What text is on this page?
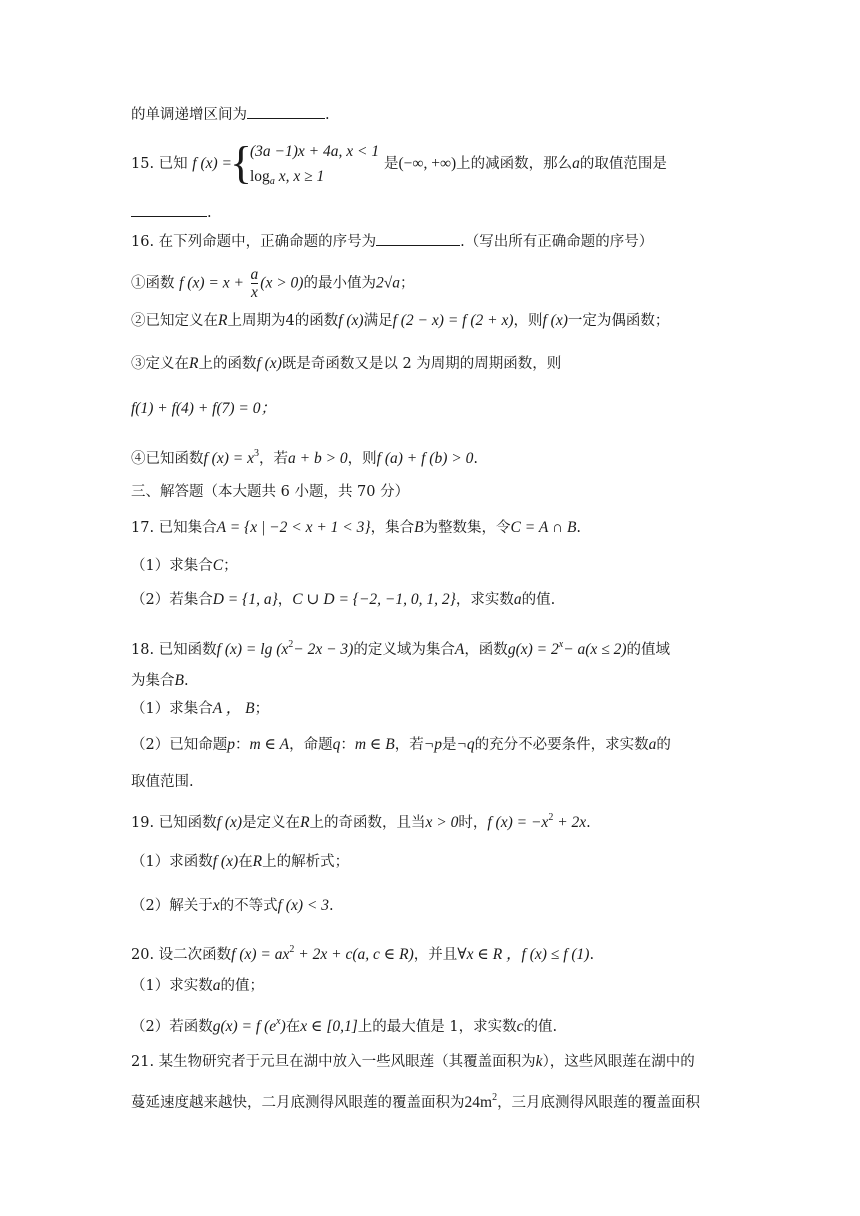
的单调递增区间为	.
15. 已知 f (x) =
{
(3a −1)x + 4a, x < 1
$\log_a x$, x ≥ 1
是(−∞, +∞)上的减函数，那么a的取值范围是
.
16. 在下列命题中，正确命题的序号为	.（写出所有正确命题的序号）
①函数 f $(x) = x + \frac{a}{x} (x > 0)$的最小值为2√a；
②已知定义在R上周期为4的函数f (x)满足f (2 − x) = f (2 + x)，则f (x)一定为偶函数；
③定义在R上的函数f (x)既是奇函数又是以 2 为周期的周期函数，则
f(1) + f(4) + f(7) = 0；
④已知函数f $(x) = x^3$，若a + b > 0，则f (a) + f (b) > 0.
三、解答题（本大题共 6 小题，共 70 分）
17. 已知集合A = {x | −2 < x + 1 < 3}，集合B为整数集，令C = A ∩ B.
（1）求集合C；
（2）若集合D = {1, a}，C ∪ D = {−2, −1, 0, 1, 2}，求实数a的值.
18. 已知函数f $(x) = \lg (x^2- 2x - 3)$的定义域为集合A，函数$g(x) = 2^x- a(x \le 2)$的值域
为集合B.
（1）求集合A ， B；
（2）已知命题p：m ∈ A，命题q：m ∈ B，若¬p是¬q的充分不必要条件，求实数a的
取值范围.
19. 已知函数f (x)是定义在R上的奇函数，且当x > 0时，f $(x) = -x^2 + 2x$.
（1）求函数f (x)在R上的解析式；
（2）解关于x的不等式f (x) < 3.
20. 设二次函数f $(x) = ax^2 + 2x + c(a$, c ∈ R)，并且∀x ∈ R ，f (x) ≤ f (1).
（1）求实数a的值；
（2）若函数g(x) = f $(e^x)$在x ∈ [0,1]上的最大值是 1，求实数c的值.
21. 某生物研究者于元旦在湖中放入一些风眼莲（其覆盖面积为k），这些风眼莲在湖中的
蔓延速度越来越快，二月底测得风眼莲的覆盖面积为$24m^2$，三月底测得风眼莲的覆盖面积
